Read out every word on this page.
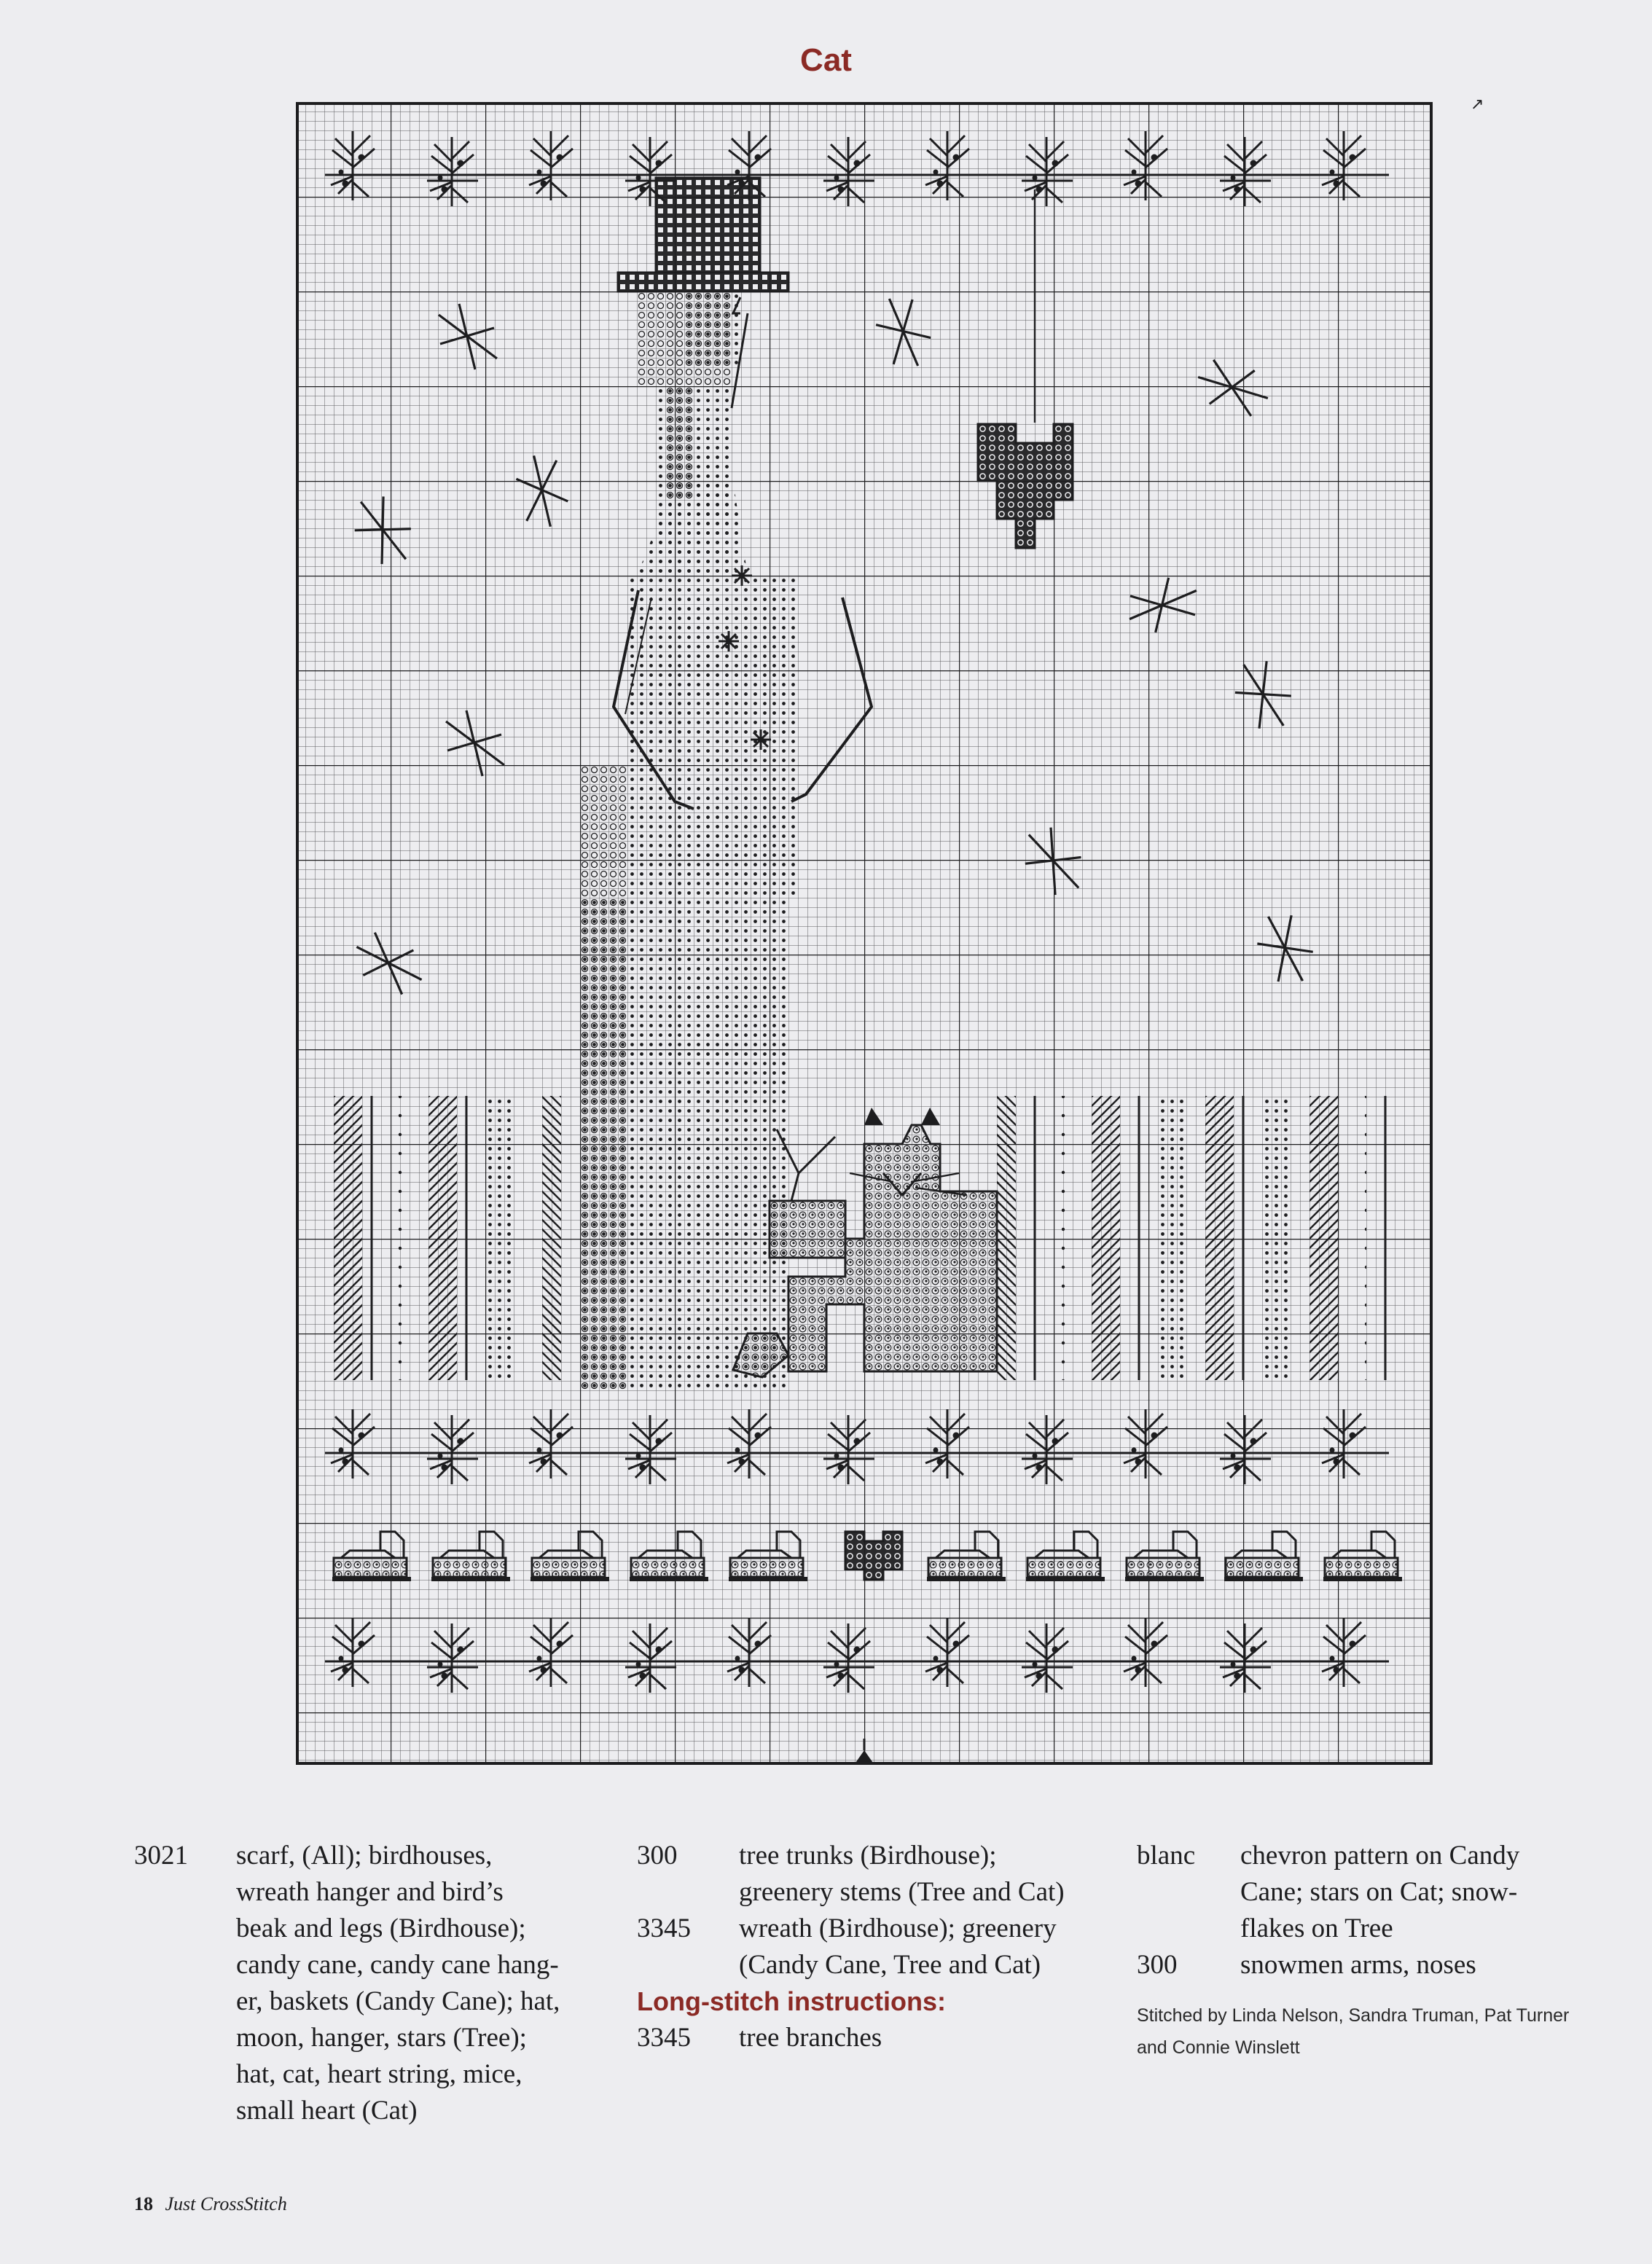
Cat
↗
3021	scarf, (All); birdhouses,
wreath hanger and bird’s
beak and legs (Birdhouse);
candy cane, candy cane hang-
er, baskets (Candy Cane); hat,
moon, hanger, stars (Tree);
hat, cat, heart string, mice,
small heart (Cat)
300	tree trunks (Birdhouse);
greenery stems (Tree and Cat)
3345	wreath (Birdhouse); greenery
(Candy Cane, Tree and Cat)
Long-stitch instructions:
3345	tree branches
blanc	chevron pattern on Candy
Cane; stars on Cat; snow-
flakes on Tree
300	snowmen arms, noses
Stitched by Linda Nelson, Sandra Truman, Pat Turner
and Connie Winslett
18 Just CrossStitch
